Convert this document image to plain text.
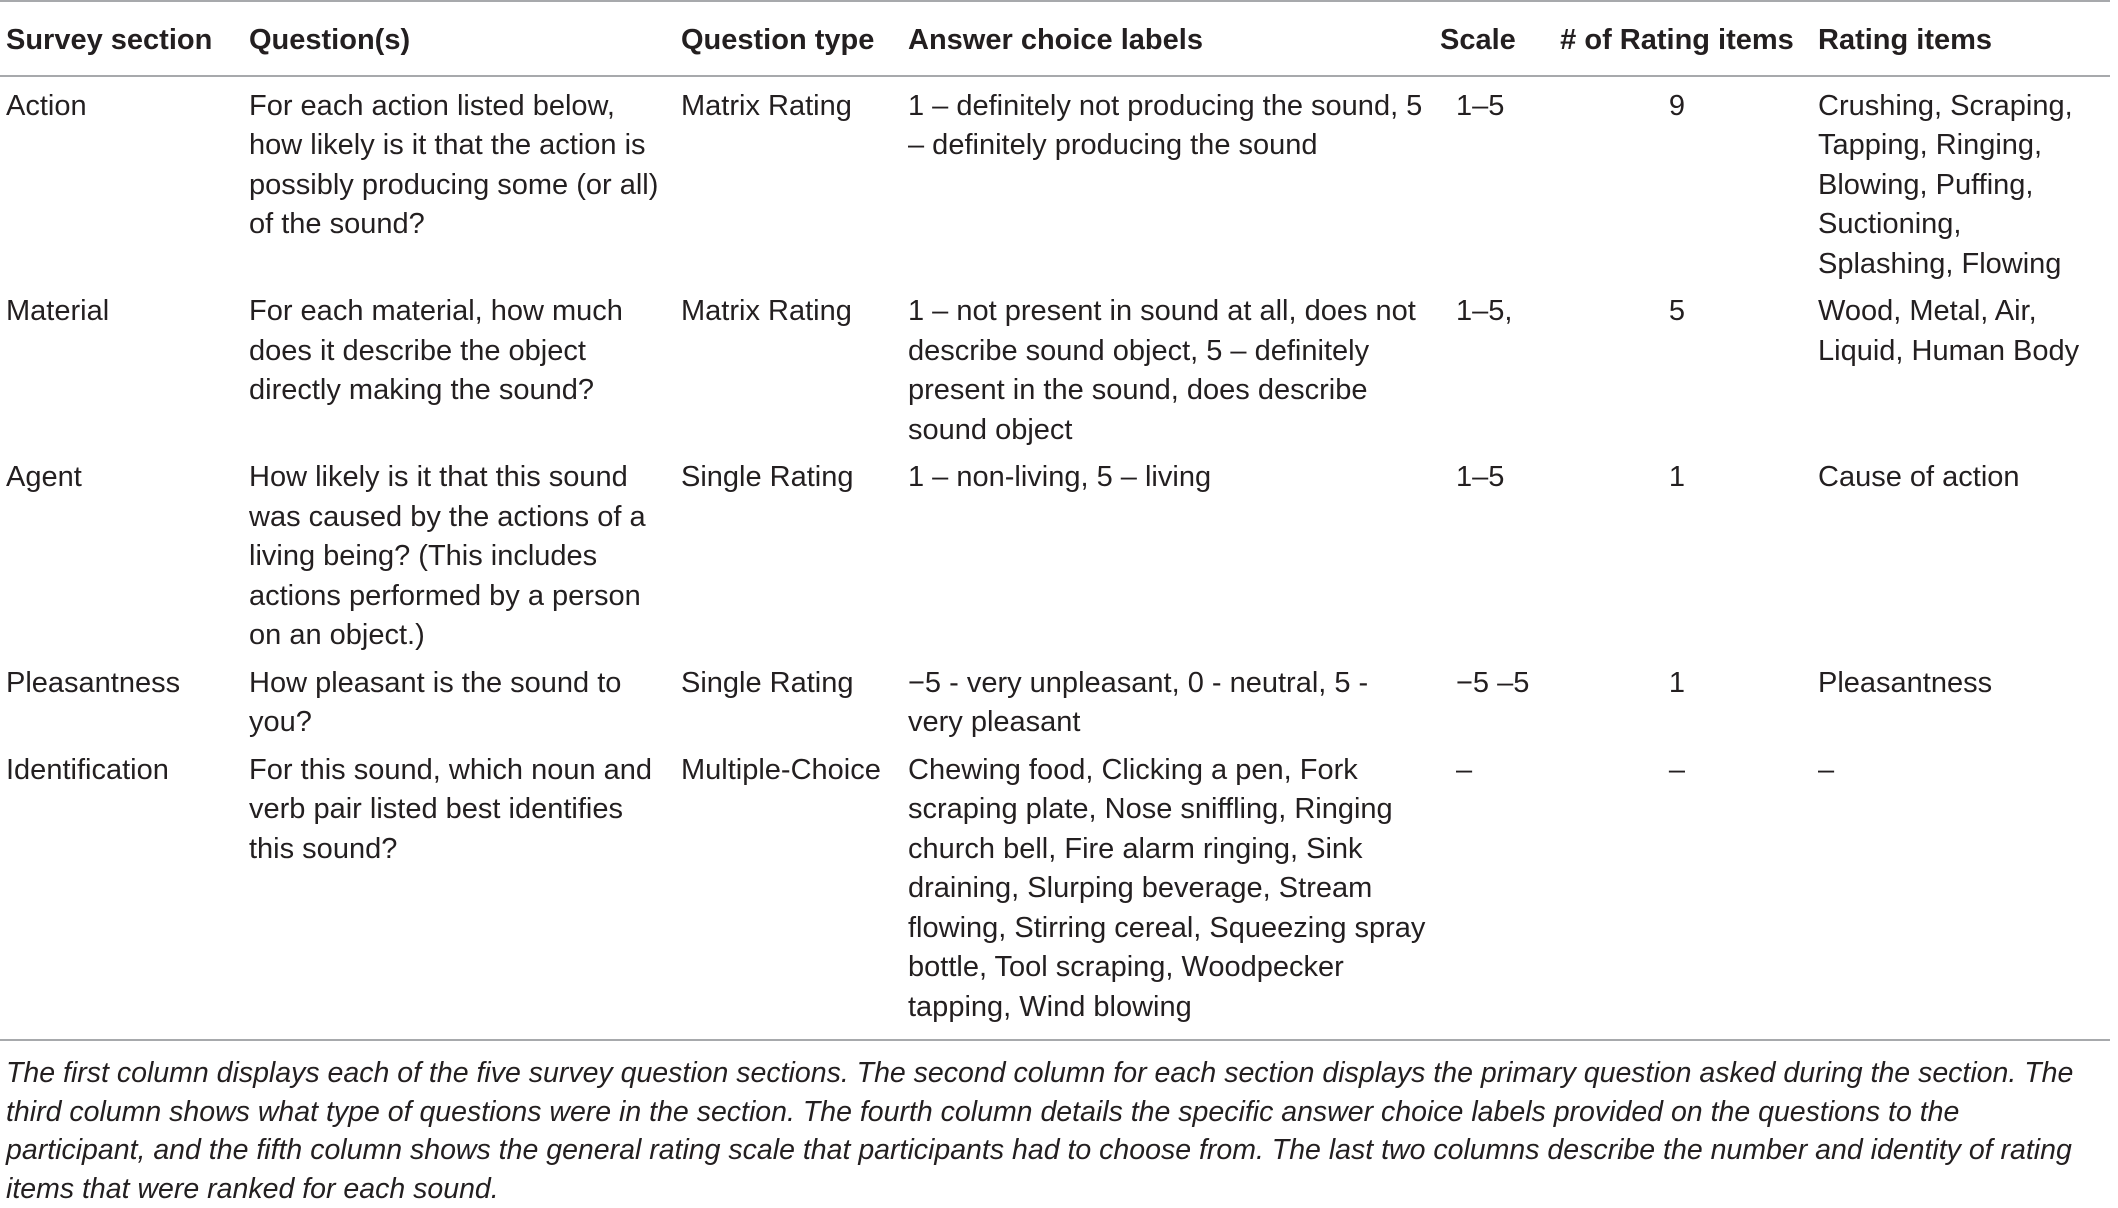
Survey section	Question(s)	Question type	Answer choice labels	Scale	# of Rating items	Rating items
Action	For each action listed below, how likely is it that the action is possibly producing some (or all) of the sound?	Matrix Rating	1 – definitely not producing the sound, 5 – definitely producing the sound	1–5	9	Crushing, Scraping, Tapping, Ringing, Blowing, Puffing, Suctioning, Splashing, Flowing
Material	For each material, how much does it describe the object directly making the sound?	Matrix Rating	1 – not present in sound at all, does not describe sound object, 5 – definitely present in the sound, does describe sound object	1–5,	5	Wood, Metal, Air, Liquid, Human Body
Agent	How likely is it that this sound was caused by the actions of a living being? (This includes actions performed by a person on an object.)	Single Rating	1 – non-living, 5 – living	1–5	1	Cause of action
Pleasantness	How pleasant is the sound to you?	Single Rating	−5 - very unpleasant, 0 - neutral, 5 - very pleasant	−5 –5	1	Pleasantness
Identification	For this sound, which noun and verb pair listed best identifies this sound?	Multiple-Choice	Chewing food, Clicking a pen, Fork scraping plate, Nose sniffling, Ringing church bell, Fire alarm ringing, Sink draining, Slurping beverage, Stream flowing, Stirring cereal, Squeezing spray bottle, Tool scraping, Woodpecker tapping, Wind blowing	–	–	–
The first column displays each of the five survey question sections. The second column for each section displays the primary question asked during the section. The third column shows what type of questions were in the section. The fourth column details the specific answer choice labels provided on the questions to the participant, and the fifth column shows the general rating scale that participants had to choose from. The last two columns describe the number and identity of rating items that were ranked for each sound.
